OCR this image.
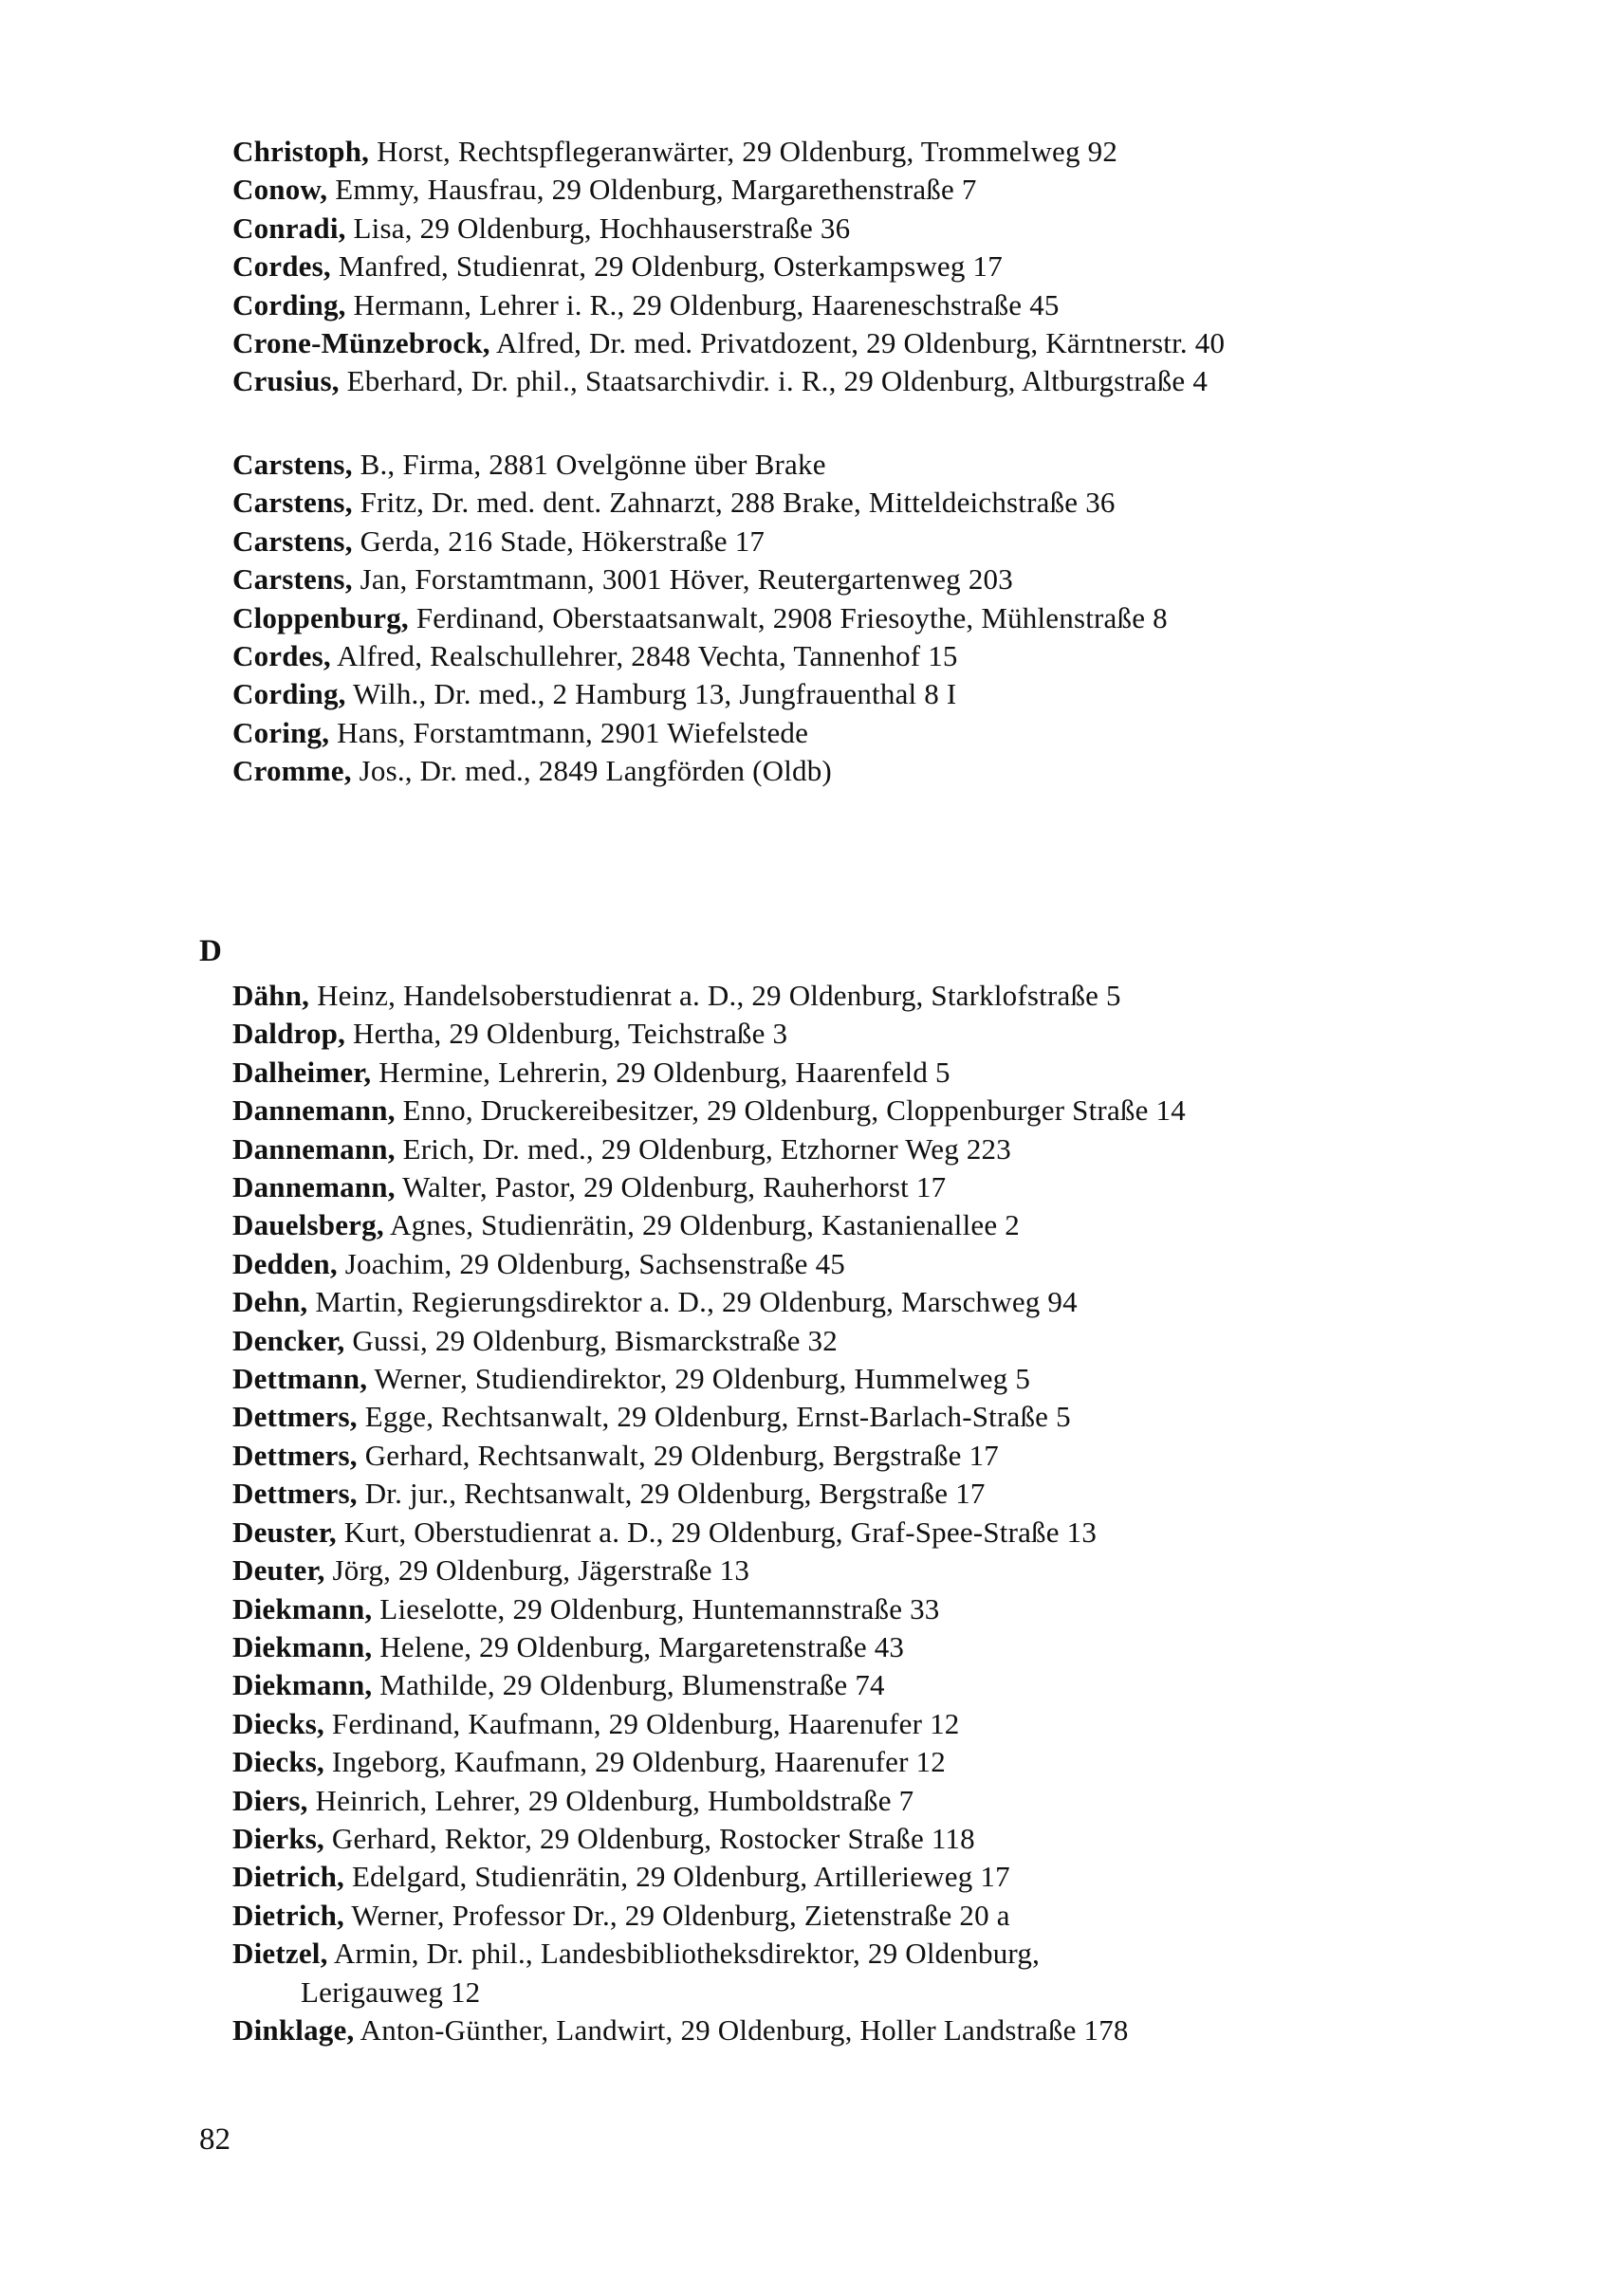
Christoph, Horst, Rechtspflegeranwärter, 29 Oldenburg, Trommelweg 92

Conow, Emmy, Hausfrau, 29 Oldenburg, Margarethenstraße 7

Conradi, Lisa, 29 Oldenburg, Hochhauserstraße 36

Cordes, Manfred, Studienrat, 29 Oldenburg, Osterkampsweg 17

Cording, Hermann, Lehrer i. R., 29 Oldenburg, Haareneschstraße 45

Crone-Münzebrock, Alfred, Dr. med. Privatdozent, 29 Oldenburg, Kärntnerstr. 40

Crusius, Eberhard, Dr. phil., Staatsarchivdir. i. R., 29 Oldenburg, Altburgstraße 4

Carstens, B., Firma, 2881 Ovelgönne über Brake

Carstens, Fritz, Dr. med. dent. Zahnarzt, 288 Brake, Mitteldeichstraße 36

Carstens, Gerda, 216 Stade, Hökerstraße 17

Carstens, Jan, Forstamtmann, 3001 Höver, Reutergartenweg 203

Cloppenburg, Ferdinand, Oberstaatsanwalt, 2908 Friesoythe, Mühlenstraße 8

Cordes, Alfred, Realschullehrer, 2848 Vechta, Tannenhof 15

Cording, Wilh., Dr. med., 2 Hamburg 13, Jungfrauenthal 8 I

Coring, Hans, Forstamtmann, 2901 Wiefelstede

Cromme, Jos., Dr. med., 2849 Langförden (Oldb)

D

Dähn, Heinz, Handelsoberstudienrat a. D., 29 Oldenburg, Starklofstraße 5

Daldrop, Hertha, 29 Oldenburg, Teichstraße 3

Dalheimer, Hermine, Lehrerin, 29 Oldenburg, Haarenfeld 5

Dannemann, Enno, Druckereibesitzer, 29 Oldenburg, Cloppenburger Straße 14

Dannemann, Erich, Dr. med., 29 Oldenburg, Etzhorner Weg 223

Dannemann, Walter, Pastor, 29 Oldenburg, Rauherhorst 17

Dauelsberg, Agnes, Studienrätin, 29 Oldenburg, Kastanienallee 2

Dedden, Joachim, 29 Oldenburg, Sachsenstraße 45

Dehn, Martin, Regierungsdirektor a. D., 29 Oldenburg, Marschweg 94

Dencker, Gussi, 29 Oldenburg, Bismarckstraße 32

Dettmann, Werner, Studiendirektor, 29 Oldenburg, Hummelweg 5

Dettmers, Egge, Rechtsanwalt, 29 Oldenburg, Ernst-Barlach-Straße 5

Dettmers, Gerhard, Rechtsanwalt, 29 Oldenburg, Bergstraße 17

Dettmers, Dr. jur., Rechtsanwalt, 29 Oldenburg, Bergstraße 17

Deuster, Kurt, Oberstudienrat a. D., 29 Oldenburg, Graf-Spee-Straße 13

Deuter, Jörg, 29 Oldenburg, Jägerstraße 13

Diekmann, Lieselotte, 29 Oldenburg, Huntemannstraße 33

Diekmann, Helene, 29 Oldenburg, Margaretenstraße 43

Diekmann, Mathilde, 29 Oldenburg, Blumenstraße 74

Diecks, Ferdinand, Kaufmann, 29 Oldenburg, Haarenufer 12

Diecks, Ingeborg, Kaufmann, 29 Oldenburg, Haarenufer 12

Diers, Heinrich, Lehrer, 29 Oldenburg, Humboldstraße 7

Dierks, Gerhard, Rektor, 29 Oldenburg, Rostocker Straße 118

Dietrich, Edelgard, Studienrätin, 29 Oldenburg, Artillerieweg 17

Dietrich, Werner, Professor Dr., 29 Oldenburg, Zietenstraße 20 a

Dietzel, Armin, Dr. phil., Landesbibliotheksdirektor, 29 Oldenburg,
Lerigauweg 12

Dinklage, Anton-Günther, Landwirt, 29 Oldenburg, Holler Landstraße 178

82
